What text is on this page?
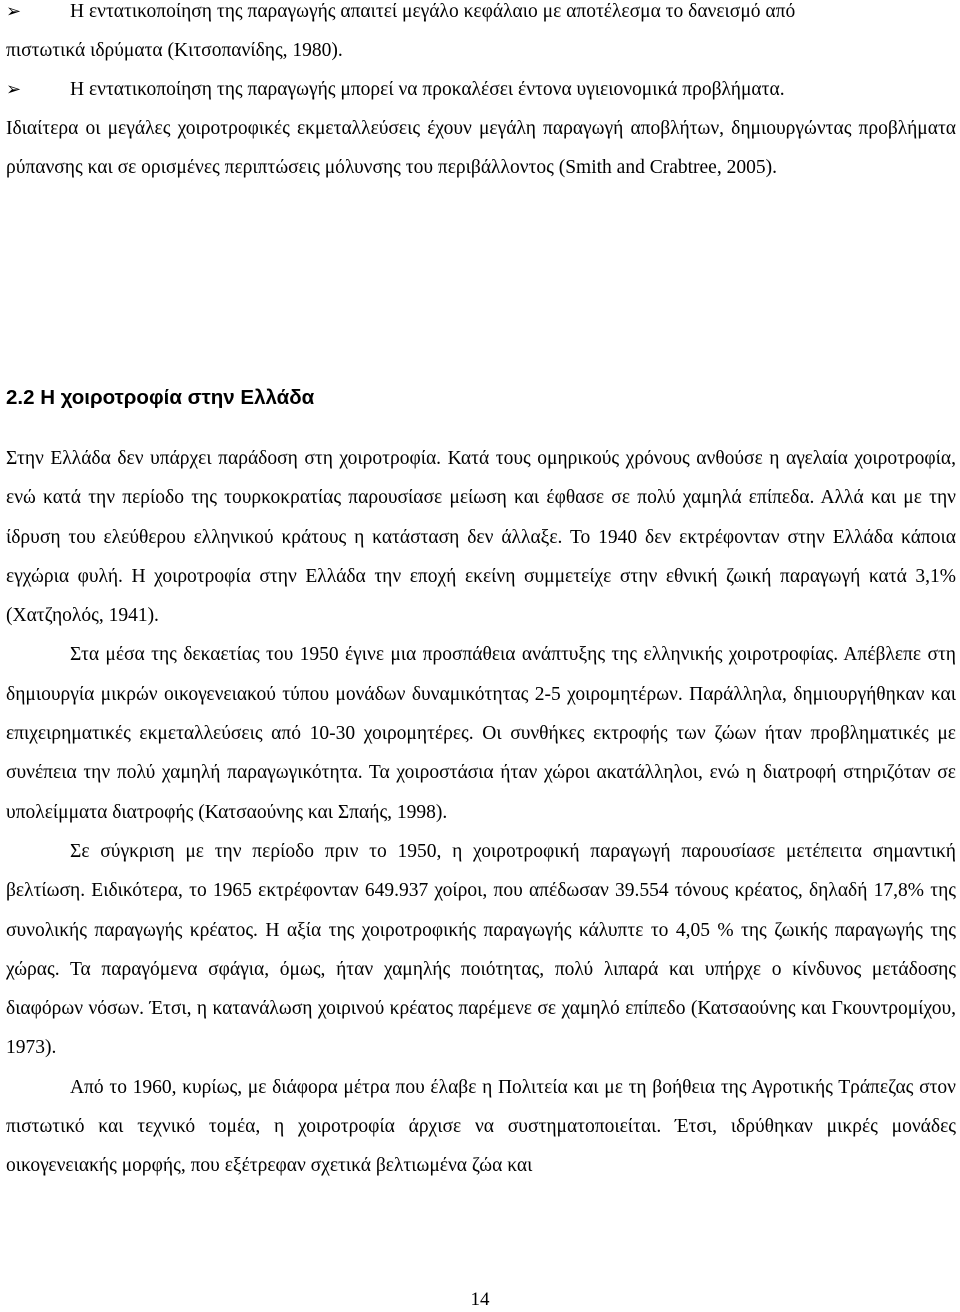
➢	Η εντατικοποίηση της παραγωγής απαιτεί μεγάλο κεφάλαιο με αποτέλεσμα το δανεισμό από
πιστωτικά ιδρύματα (Κιτσοπανίδης, 1980).
➢	Η εντατικοποίηση της παραγωγής μπορεί να προκαλέσει έντονα υγιειονομικά προβλήματα.
Ιδιαίτερα οι μεγάλες χοιροτροφικές εκμεταλλεύσεις έχουν μεγάλη παραγωγή αποβλήτων, δημιουργώντας προβλήματα ρύπανσης και σε ορισμένες περιπτώσεις μόλυνσης του περιβάλλοντος (Smith and Crabtree, 2005).
2.2 Η χοιροτροφία στην Ελλάδα

Στην Ελλάδα δεν υπάρχει παράδοση στη χοιροτροφία. Κατά τους ομηρικούς χρόνους ανθούσε η αγελαία χοιροτροφία, ενώ κατά την περίοδο της τουρκοκρατίας παρουσίασε μείωση και έφθασε σε πολύ χαμηλά επίπεδα. Αλλά και με την ίδρυση του ελεύθερου ελληνικού κράτους η κατάσταση δεν άλλαξε. Το 1940 δεν εκτρέφονταν στην Ελλάδα κάποια εγχώρια φυλή. Η χοιροτροφία στην Ελλάδα την εποχή εκείνη συμμετείχε στην εθνική ζωική παραγωγή κατά 3,1% (Χατζηολός, 1941).

Στα μέσα της δεκαετίας του 1950 έγινε μια προσπάθεια ανάπτυξης της ελληνικής χοιροτροφίας. Απέβλεπε στη δημιουργία μικρών οικογενειακού τύπου μονάδων δυναμικότητας 2-5 χοιρομητέρων. Παράλληλα, δημιουργήθηκαν και επιχειρηματικές εκμεταλλεύσεις από 10-30 χοιρομητέρες. Οι συνθήκες εκτροφής των ζώων ήταν προβληματικές με συνέπεια την πολύ χαμηλή παραγωγικότητα. Τα χοιροστάσια ήταν χώροι ακατάλληλοι, ενώ η διατροφή στηριζόταν σε υπολείμματα διατροφής (Κατσαούνης και Σπαής, 1998).

Σε σύγκριση με την περίοδο πριν το 1950, η χοιροτροφική παραγωγή παρουσίασε μετέπειτα σημαντική βελτίωση. Ειδικότερα, το 1965 εκτρέφονταν 649.937 χοίροι, που απέδωσαν 39.554 τόνους κρέατος, δηλαδή 17,8% της συνολικής παραγωγής κρέατος. Η αξία της χοιροτροφικής παραγωγής κάλυπτε το 4,05 % της ζωικής παραγωγής της χώρας. Τα παραγόμενα σφάγια, όμως, ήταν χαμηλής ποιότητας, πολύ λιπαρά και υπήρχε ο κίνδυνος μετάδοσης διαφόρων νόσων. Έτσι, η κατανάλωση χοιρινού κρέατος παρέμενε σε χαμηλό επίπεδο (Κατσαούνης και Γκουντρομίχου, 1973).

Από το 1960, κυρίως, με διάφορα μέτρα που έλαβε η Πολιτεία και με τη βοήθεια της Αγροτικής Τράπεζας στον πιστωτικό και τεχνικό τομέα, η χοιροτροφία άρχισε να συστηματοποιείται. Έτσι, ιδρύθηκαν μικρές μονάδες οικογενειακής μορφής, που εξέτρεφαν σχετικά βελτιωμένα ζώα και

14
